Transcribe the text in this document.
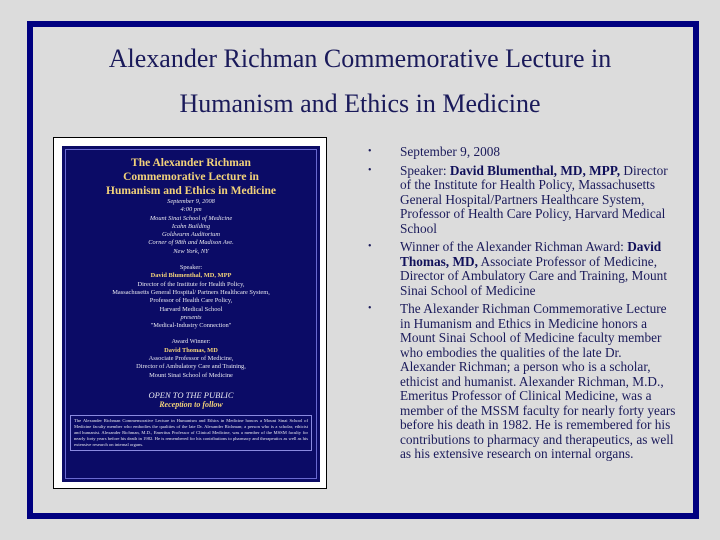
Alexander Richman Commemorative Lecture in
Humanism and Ethics in Medicine
The Alexander Richman
Commemorative Lecture in
Humanism and Ethics in Medicine
September 9, 2008
4:00 pm
Mount Sinai School of Medicine
Icahn Building
Goldwurm Auditorium
Corner of 98th and Madison Ave.
New York, NY
Speaker:
David Blumenthal, MD, MPP
Director of the Institute for Health Policy,
Massachusetts General Hospital/ Partners Healthcare System,
Professor of Health Care Policy,
Harvard Medical School
presents
"Medical-Industry Connection"
Award Winner:
David Thomas, MD
Associate Professor of Medicine,
Director of Ambulatory Care and Training,
Mount Sinai School of Medicine
OPEN TO THE PUBLIC
Reception to follow
The Alexander Richman Commemorative Lecture in Humanism and Ethics in Medicine honors a Mount Sinai School of Medicine faculty member who embodies the qualities of the late Dr. Alexander Richman; a person who is a scholar, ethicist and humanist. Alexander Richman, M.D., Emeritus Professor of Clinical Medicine, was a member of the MSSM faculty for nearly forty years before his death in 1982. He is remembered for his contributions to pharmacy and therapeutics as well as his extensive research on internal organs.
• September 9, 2008
• Speaker: David Blumenthal, MD, MPP, Director of the Institute for Health Policy, Massachusetts General Hospital/Partners Healthcare System, Professor of Health Care Policy, Harvard Medical School
• Winner of the Alexander Richman Award: David Thomas, MD, Associate Professor of Medicine, Director of Ambulatory Care and Training, Mount Sinai School of Medicine
• The Alexander Richman Commemorative Lecture in Humanism and Ethics in Medicine honors a Mount Sinai School of Medicine faculty member who embodies the qualities of the late Dr. Alexander Richman; a person who is a scholar, ethicist and humanist. Alexander Richman, M.D., Emeritus Professor of Clinical Medicine, was a member of the MSSM faculty for nearly forty years before his death in 1982. He is remembered for his contributions to pharmacy and therapeutics, as well as his extensive research on internal organs.
